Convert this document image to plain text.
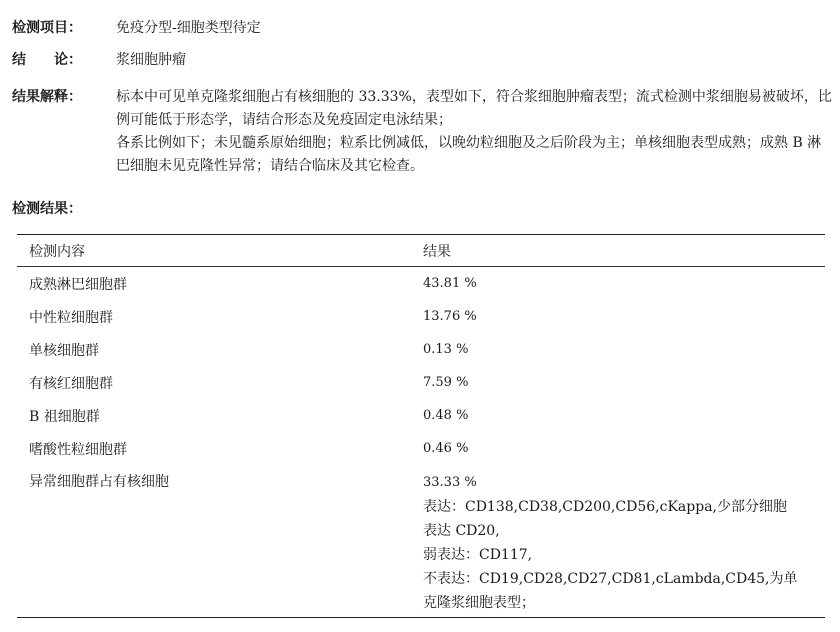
检测项目：	免疫分型-细胞类型待定

结　　论：	浆细胞肿瘤

结果解释：	标本中可见单克隆浆细胞占有核细胞的 33.33%，表型如下，符合浆细胞肿瘤表型；流式检测中浆细胞易被破坏，比例可能低于形态学，请结合形态及免疫固定电泳结果；

各系比例如下；未见髓系原始细胞；粒系比例减低，以晚幼粒细胞及之后阶段为主；单核细胞表型成熟；成熟 B 淋巴细胞未见克隆性异常；请结合临床及其它检查。

检测结果：
检测内容	结果
成熟淋巴细胞群	43.81 %
中性粒细胞群	13.76 %
单核细胞群	0.13 %
有核红细胞群	7.59 %
B 祖细胞群	0.48 %
嗜酸性粒细胞群	0.46 %
异常细胞群占有核细胞	33.33 %
表达：CD138,CD38,CD200,CD56,cKappa,少部分细胞
表达 CD20,
弱表达：CD117,
不表达：CD19,CD28,CD27,CD81,cLambda,CD45,为单
克隆浆细胞表型；
